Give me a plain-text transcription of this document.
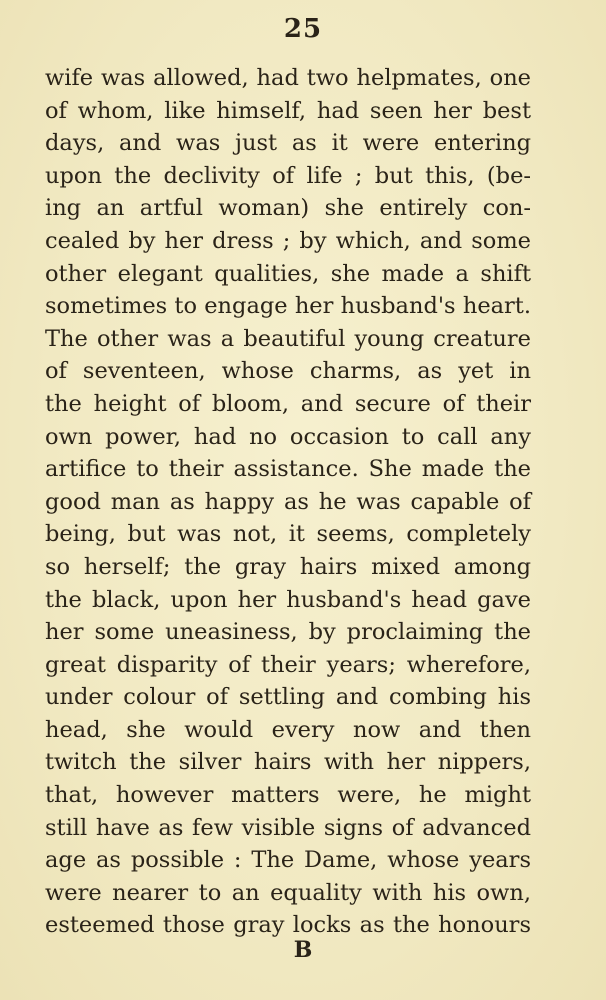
25
wife was allowed, had two helpmates, one
of whom, like himself, had seen her best
days, and was just as it were entering
upon the declivity of life ; but this, (be-
ing an artful woman) she entirely con-
cealed by her dress ; by which, and some
other elegant qualities, she made a shift
sometimes to engage her husband's heart.
The other was a beautiful young creature
of seventeen, whose charms, as yet in
the height of bloom, and secure of their
own power, had no occasion to call any
artifice to their assistance. She made the
good man as happy as he was capable of
being, but was not, it seems, completely
so herself; the gray hairs mixed among
the black, upon her husband's head gave
her some uneasiness, by proclaiming the
great disparity of their years; wherefore,
under colour of settling and combing his
head, she would every now and then
twitch the silver hairs with her nippers,
that, however matters were, he might
still have as few visible signs of advanced
age as possible : The Dame, whose years
were nearer to an equality with his own,
esteemed those gray locks as the honours
B
